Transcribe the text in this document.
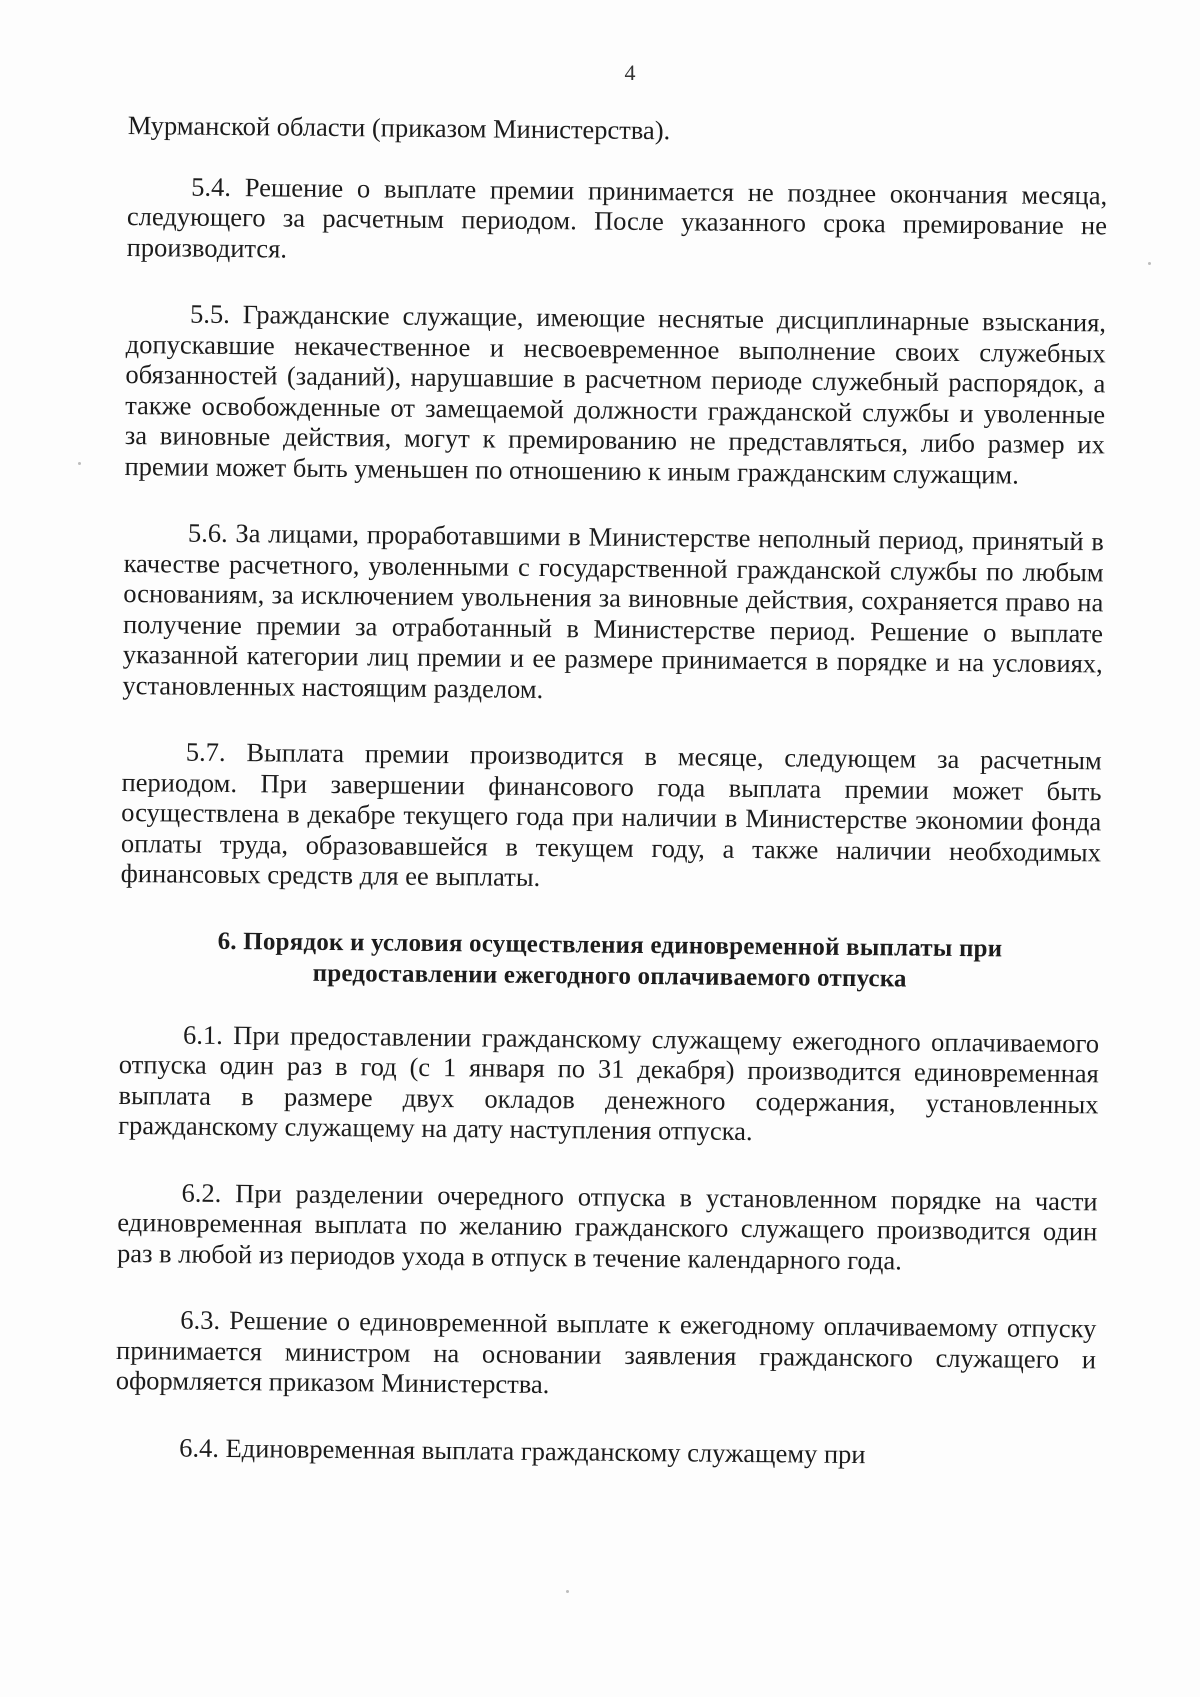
4

Мурманской области (приказом Министерства).

5.4. Решение о выплате премии принимается не позднее окончания месяца, следующего за расчетным периодом. После указанного срока премирование не производится.

5.5. Гражданские служащие, имеющие неснятые дисциплинарные взыскания, допускавшие некачественное и несвоевременное выполнение своих служебных обязанностей (заданий), нарушавшие в расчетном периоде служебный распорядок, а также освобожденные от замещаемой должности гражданской службы и уволенные за виновные действия, могут к премированию не представляться, либо размер их премии может быть уменьшен по отношению к иным гражданским служащим.

5.6. За лицами, проработавшими в Министерстве неполный период, принятый в качестве расчетного, уволенными с государственной гражданской службы по любым основаниям, за исключением увольнения за виновные действия, сохраняется право на получение премии за отработанный в Министерстве период. Решение о выплате указанной категории лиц премии и ее размере принимается в порядке и на условиях, установленных настоящим разделом.

5.7. Выплата премии производится в месяце, следующем за расчетным периодом. При завершении финансового года выплата премии может быть осуществлена в декабре текущего года при наличии в Министерстве экономии фонда оплаты труда, образовавшейся в текущем году, а также наличии необходимых финансовых средств для ее выплаты.

6. Порядок и условия осуществления единовременной выплаты при
предоставлении ежегодного оплачиваемого отпуска

6.1. При предоставлении гражданскому служащему ежегодного оплачиваемого отпуска один раз в год (с 1 января по 31 декабря) производится единовременная выплата в размере двух окладов денежного содержания, установленных гражданскому служащему на дату наступления отпуска.

6.2. При разделении очередного отпуска в установленном порядке на части единовременная выплата по желанию гражданского служащего производится один раз в любой из периодов ухода в отпуск в течение календарного года.

6.3. Решение о единовременной выплате к ежегодному оплачиваемому отпуску принимается министром на основании заявления гражданского служащего и оформляется приказом Министерства.

6.4. Единовременная выплата гражданскому служащему при
